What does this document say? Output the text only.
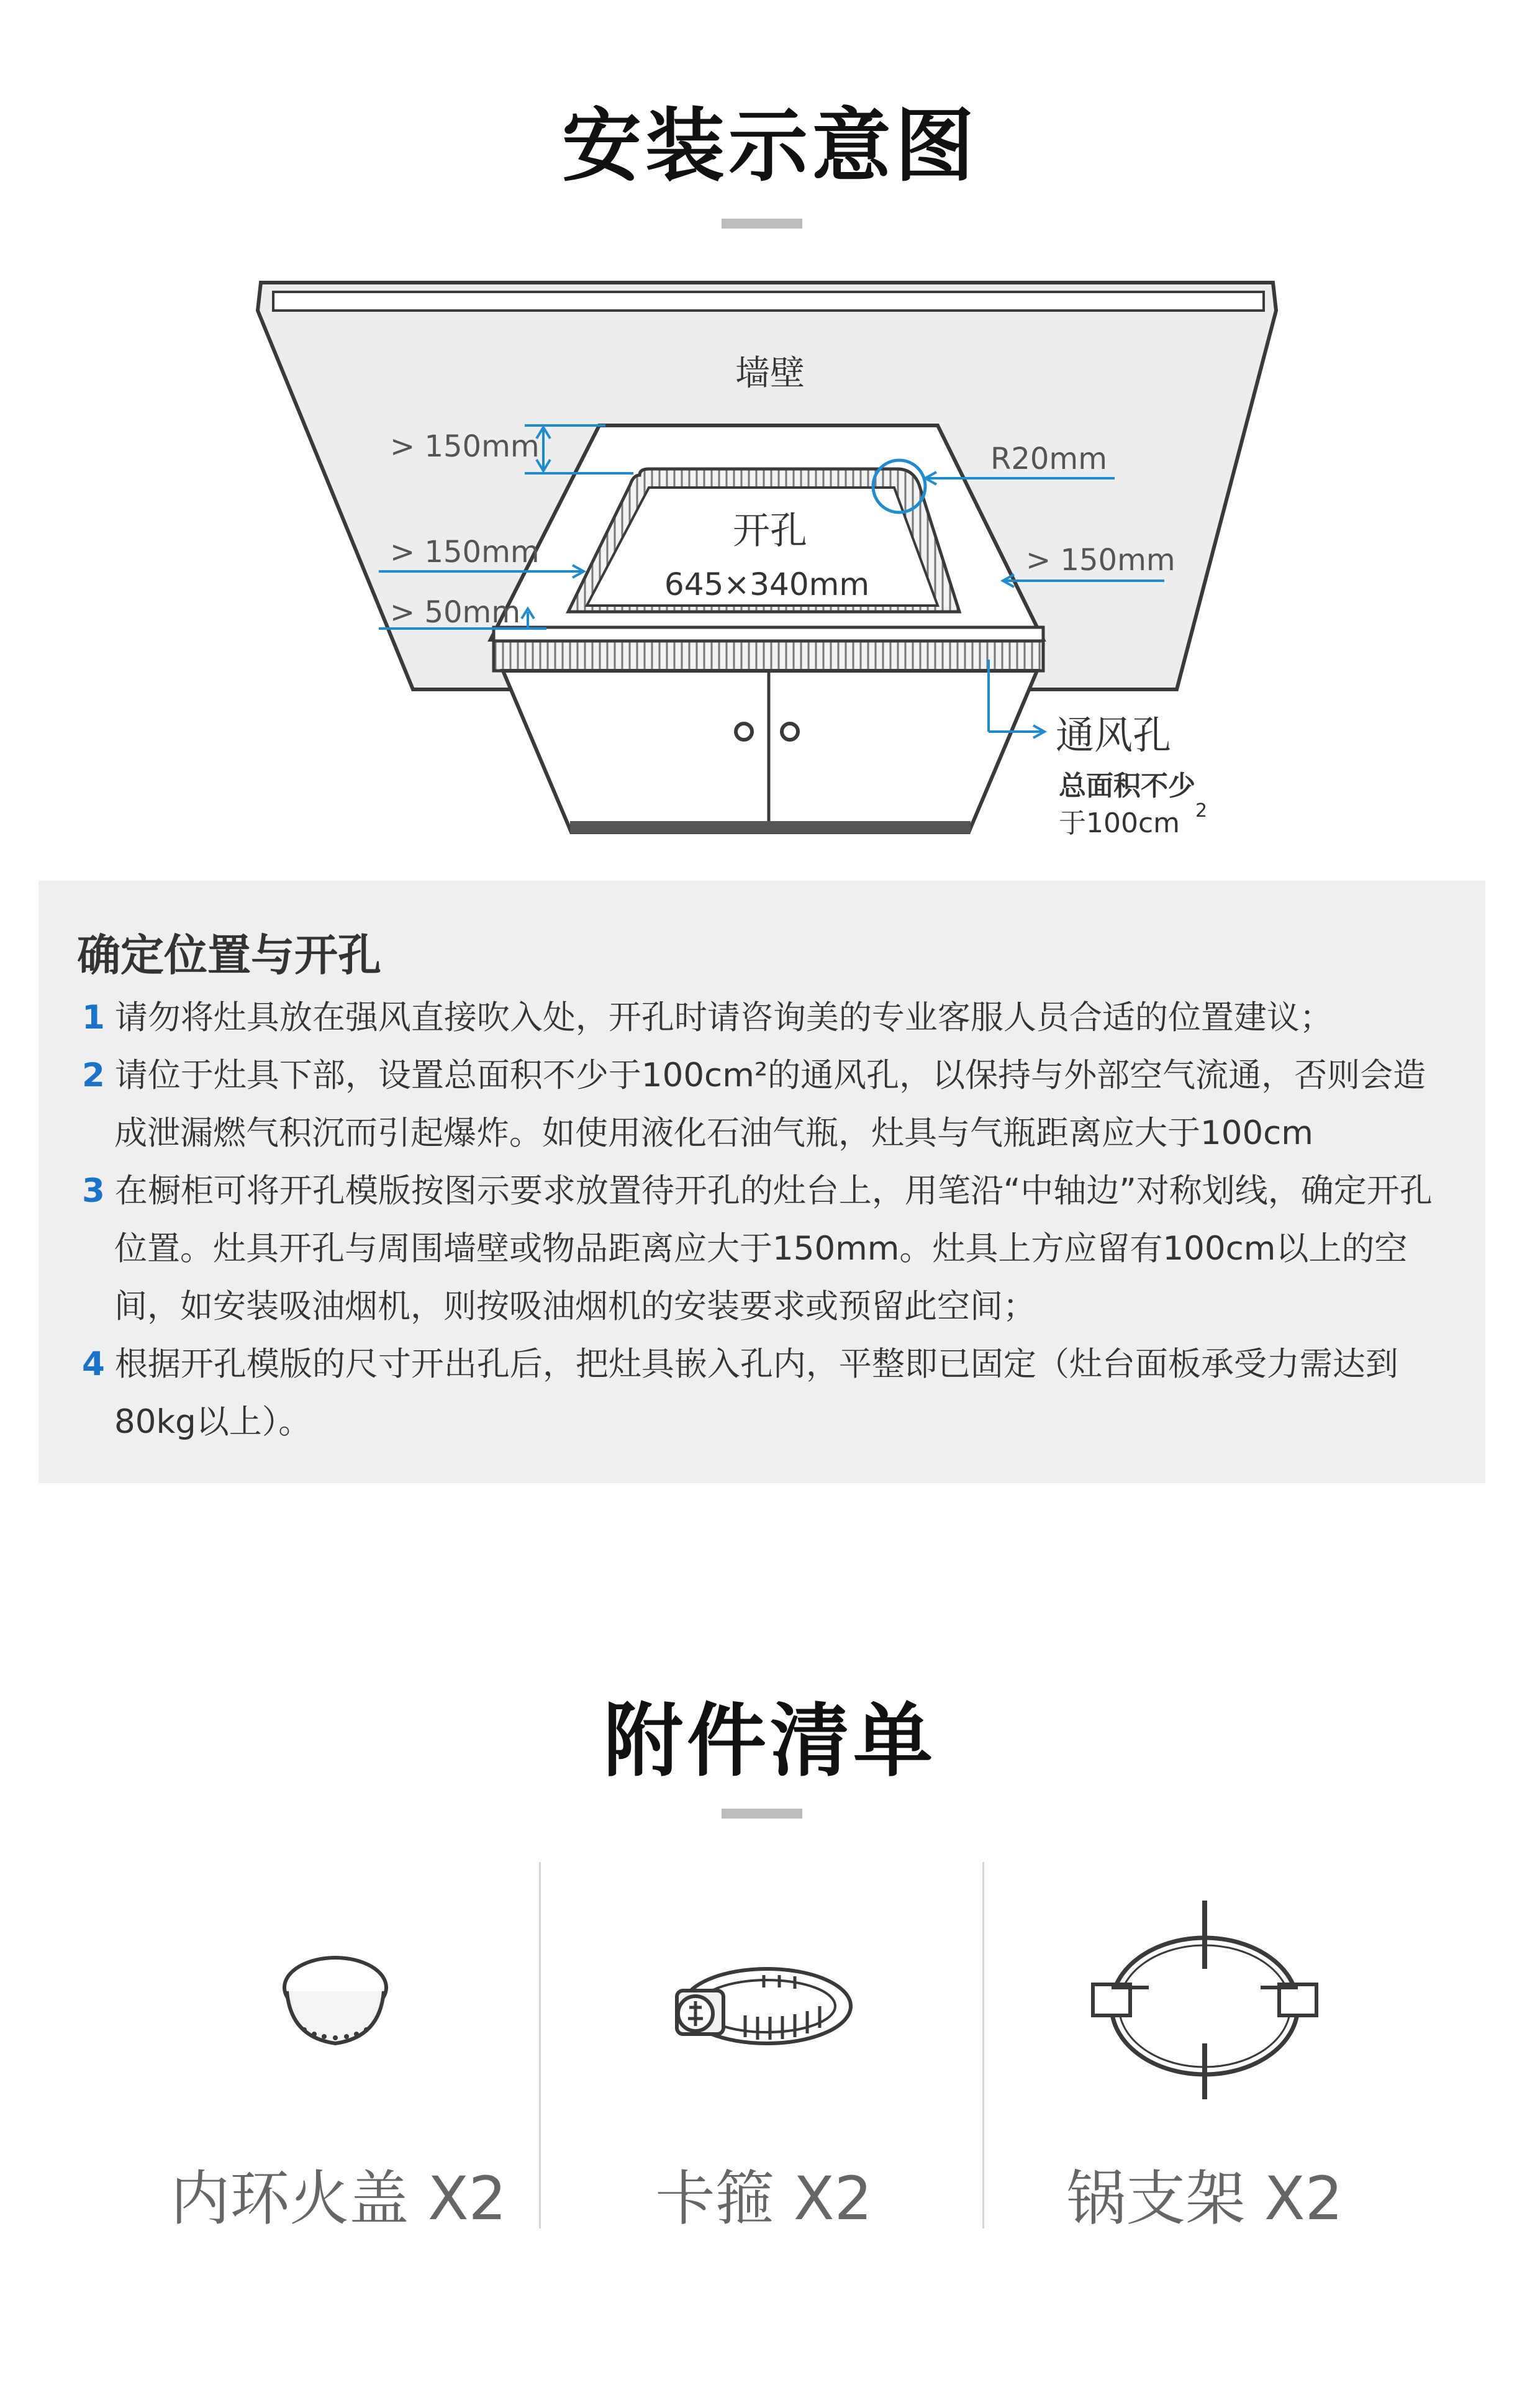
安装示意图
墙壁
开孔
645×340mm
> 150mm	R20mm
> 150mm	> 150mm
> 50mm
通风孔
总面积不少
于100cm 2
确定位置与开孔

1 请勿将灶具放在强风直接吹入处，开孔时请咨询美的专业客服人员合适的位置建议；

2 请位于灶具下部，设置总面积不少于100cm²的通风孔，以保持与外部空气流通，否则会造成泄漏燃气积沉而引起爆炸。如使用液化石油气瓶，灶具与气瓶距离应大于100cm

3 在橱柜可将开孔模版按图示要求放置待开孔的灶台上，用笔沿“中轴边”对称划线，确定开孔位置。灶具开孔与周围墙壁或物品距离应大于150mm。灶具上方应留有100cm以上的空间，如安装吸油烟机，则按吸油烟机的安装要求或预留此空间；

4 根据开孔模版的尺寸开出孔后，把灶具嵌入孔内，平整即已固定（灶台面板承受力需达到80kg以上）。

附件清单
内环火盖 X2	卡箍 X2	锅支架 X2
